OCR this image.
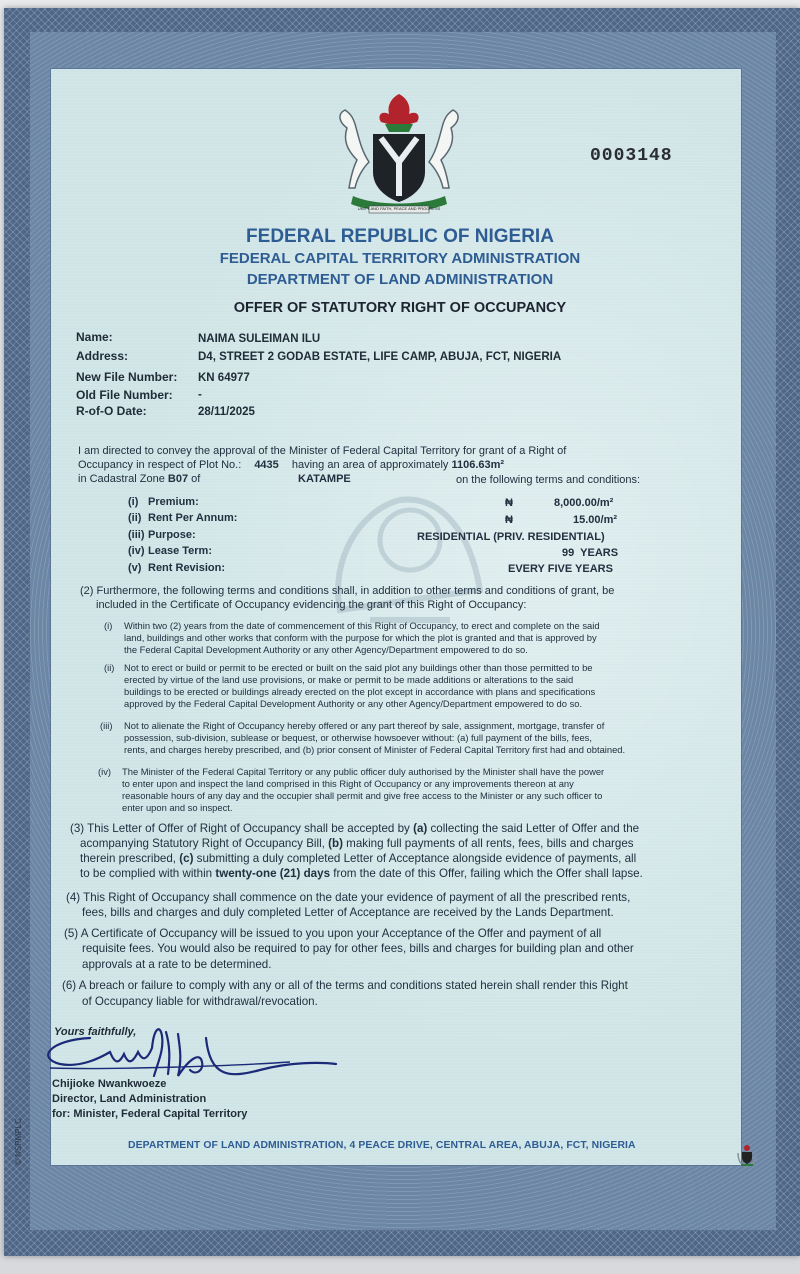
UNITY AND FAITH, PEACE AND PROGRESS
0003148
FEDERAL REPUBLIC OF NIGERIA
FEDERAL CAPITAL TERRITORY ADMINISTRATION
DEPARTMENT OF LAND ADMINISTRATION
OFFER OF STATUTORY RIGHT OF OCCUPANCY
Name:	NAIMA SULEIMAN ILU
Address:	D4, STREET 2 GODAB ESTATE, LIFE CAMP, ABUJA, FCT, NIGERIA
New File Number: KN 64977
Old File Number: -
R-of-O Date:	28/11/2025
I am directed to convey the approval of the Minister of Federal Capital Territory for grant of a Right of
Occupancy in respect of Plot No.: 4435 having an area of approximately 1106.63m²
in Cadastral Zone B07 of	KATAMPE	on the following terms and conditions:
(i) Premium:	₦	8,000.00/m²
(ii) Rent Per Annum:	₦	15.00/m²
(iii) Purpose:	RESIDENTIAL (PRIV. RESIDENTIAL)
(iv) Lease Term:	99  YEARS
(v) Rent Revision:	EVERY FIVE YEARS
(2) Furthermore, the following terms and conditions shall, in addition to other terms and conditions of grant, be
included in the Certificate of Occupancy evidencing the grant of this Right of Occupancy:
(i) Within two (2) years from the date of commencement of this Right of Occupancy, to erect and complete on the said
land, buildings and other works that conform with the purpose for which the plot is granted and that is approved by
the Federal Capital Development Authority or any other Agency/Department empowered to do so.
(ii) Not to erect or build or permit to be erected or built on the said plot any buildings other than those permitted to be
erected by virtue of the land use provisions, or make or permit to be made additions or alterations to the said
buildings to be erected or buildings already erected on the plot except in accordance with plans and specifications
approved by the Federal Capital Development Authority or any other Agency/Department empowered to do so.
(iii) Not to alienate the Right of Occupancy hereby offered or any part thereof by sale, assignment, mortgage, transfer of
possession, sub-division, sublease or bequest, or otherwise howsoever without: (a) full payment of the bills, fees,
rents, and charges hereby prescribed, and (b) prior consent of Minister of Federal Capital Territory first had and obtained.
(iv) The Minister of the Federal Capital Territory or any public officer duly authorised by the Minister shall have the power
to enter upon and inspect the land comprised in this Right of Occupancy or any improvements thereon at any
reasonable hours of any day and the occupier shall permit and give free access to the Minister or any such officer to
enter upon and so inspect.
(3) This Letter of Offer of Right of Occupancy shall be accepted by (a) collecting the said Letter of Offer and the
acompanying Statutory Right of Occupancy Bill, (b) making full payments of all rents, fees, bills and charges
therein prescribed, (c) submitting a duly completed Letter of Acceptance alongside evidence of payments, all
to be complied with within twenty-one (21) days from the date of this Offer, failing which the Offer shall lapse.
(4) This Right of Occupancy shall commence on the date your evidence of payment of all the prescribed rents,
fees, bills and charges and duly completed Letter of Acceptance are received by the Lands Department.
(5) A Certificate of Occupancy will be issued to you upon your Acceptance of the Offer and payment of all
requisite fees. You would also be required to pay for other fees, bills and charges for building plan and other
approvals at a rate to be determined.
(6) A breach or failure to comply with any or all of the terms and conditions stated herein shall render this Right
of Occupancy liable for withdrawal/revocation.
Yours faithfully,
Chijioke Nwankwoeze
Director, Land Administration
for: Minister, Federal Capital Territory
DEPARTMENT OF LAND ADMINISTRATION, 4 PEACE DRIVE, CENTRAL AREA, ABUJA, FCT, NIGERIA
© NSPMPLC
